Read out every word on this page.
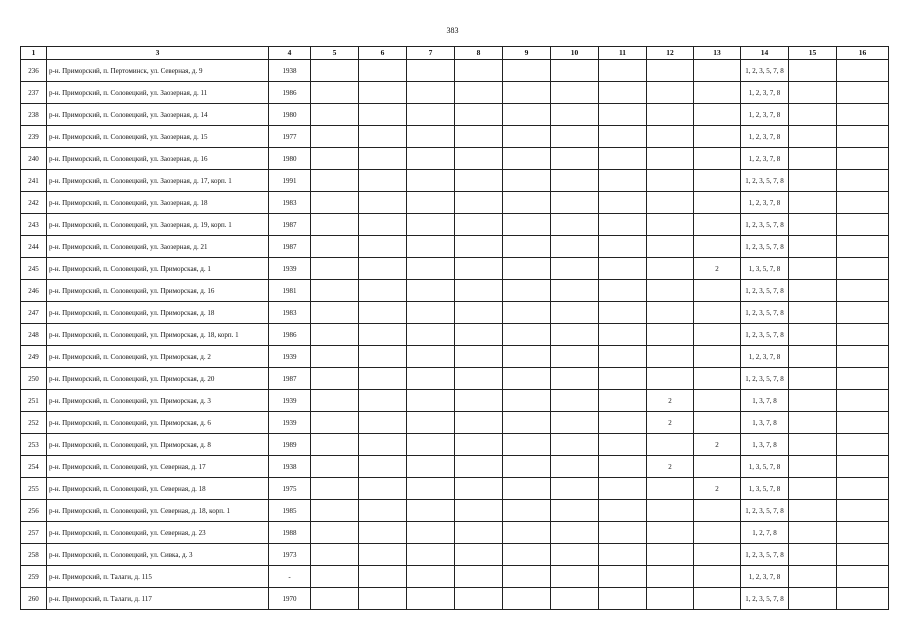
383
1	3	4	5	6	7	8	9	10	11	12	13	14	15	16
236	р-н. Приморский, п. Пертоминск, ул. Северная, д. 9	1938										1, 2, 3, 5, 7, 8		
237	р-н. Приморский, п. Соловецкий, ул. Заозерная, д. 11	1986										1, 2, 3, 7, 8		
238	р-н. Приморский, п. Соловецкий, ул. Заозерная, д. 14	1980										1, 2, 3, 7, 8		
239	р-н. Приморский, п. Соловецкий, ул. Заозерная, д. 15	1977										1, 2, 3, 7, 8		
240	р-н. Приморский, п. Соловецкий, ул. Заозерная, д. 16	1980										1, 2, 3, 7, 8		
241	р-н. Приморский, п. Соловецкий, ул. Заозерная, д. 17, корп. 1	1991										1, 2, 3, 5, 7, 8		
242	р-н. Приморский, п. Соловецкий, ул. Заозерная, д. 18	1983										1, 2, 3, 7, 8		
243	р-н. Приморский, п. Соловецкий, ул. Заозерная, д. 19, корп. 1	1987										1, 2, 3, 5, 7, 8		
244	р-н. Приморский, п. Соловецкий, ул. Заозерная, д. 21	1987										1, 2, 3, 5, 7, 8		
245	р-н. Приморский, п. Соловецкий, ул. Приморская, д. 1	1939									2	1, 3, 5, 7, 8		
246	р-н. Приморский, п. Соловецкий, ул. Приморская, д. 16	1981										1, 2, 3, 5, 7, 8		
247	р-н. Приморский, п. Соловецкий, ул. Приморская, д. 18	1983										1, 2, 3, 5, 7, 8		
248	р-н. Приморский, п. Соловецкий, ул. Приморская, д. 18, корп. 1	1986										1, 2, 3, 5, 7, 8		
249	р-н. Приморский, п. Соловецкий, ул. Приморская, д. 2	1939										1, 2, 3, 7, 8		
250	р-н. Приморский, п. Соловецкий, ул. Приморская, д. 20	1987										1, 2, 3, 5, 7, 8		
251	р-н. Приморский, п. Соловецкий, ул. Приморская, д. 3	1939								2		1, 3, 7, 8		
252	р-н. Приморский, п. Соловецкий, ул. Приморская, д. 6	1939								2		1, 3, 7, 8		
253	р-н. Приморский, п. Соловецкий, ул. Приморская, д. 8	1989									2	1, 3, 7, 8		
254	р-н. Приморский, п. Соловецкий, ул. Северная, д. 17	1938								2		1, 3, 5, 7, 8		
255	р-н. Приморский, п. Соловецкий, ул. Северная, д. 18	1975									2	1, 3, 5, 7, 8		
256	р-н. Приморский, п. Соловецкий, ул. Северная, д. 18, корп. 1	1985										1, 2, 3, 5, 7, 8		
257	р-н. Приморский, п. Соловецкий, ул. Северная, д. 23	1988										1, 2, 7, 8		
258	р-н. Приморский, п. Соловецкий, ул. Сивка, д. 3	1973										1, 2, 3, 5, 7, 8		
259	р-н. Приморский, п. Талаги, д. 115	-										1, 2, 3, 7, 8		
260	р-н. Приморский, п. Талаги, д. 117	1970										1, 2, 3, 5, 7, 8		
